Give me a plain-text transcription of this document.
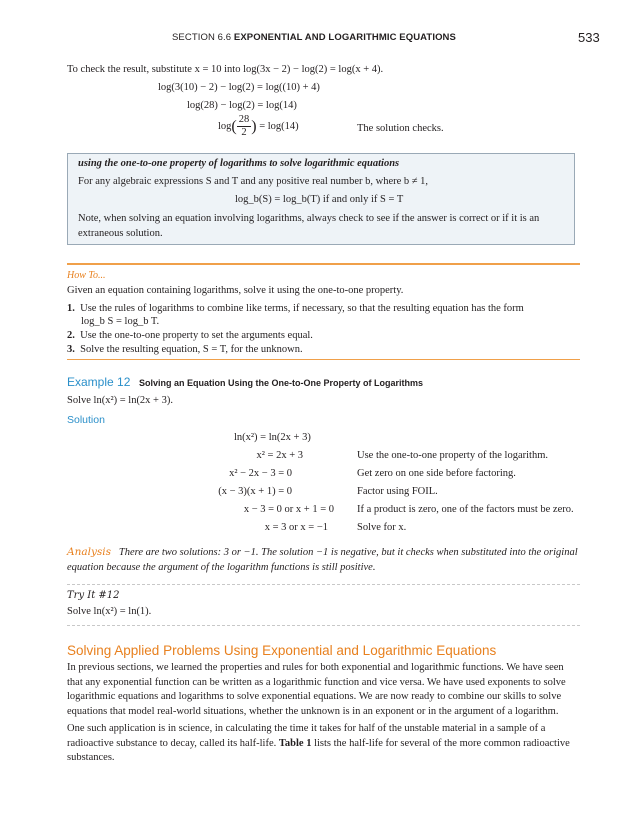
SECTION 6.6 EXPONENTIAL AND LOGARITHMIC EQUATIONS	533
To check the result, substitute x = 10 into log(3x − 2) − log(2) = log(x + 4).
log(3(10) − 2) − log(2) = log((10) + 4)
log(28) − log(2) = log(14)
$\log( \frac{28}{2}$ ) = log(14)	The solution checks.
using the one-to-one property of logarithms to solve logarithmic equations
For any algebraic expressions S and T and any positive real number b, where b ≠ 1,
log_b(S) = log_b(T) if and only if S = T
Note, when solving an equation involving logarithms, always check to see if the answer is correct or if it is an extraneous solution.
How To...
Given an equation containing logarithms, solve it using the one-to-one property.
1. Use the rules of logarithms to combine like terms, if necessary, so that the resulting equation has the form
log_b S = log_b T.
2. Use the one-to-one property to set the arguments equal.
3. Solve the resulting equation, S = T, for the unknown.
Example 12 Solving an Equation Using the One-to-One Property of Logarithms
Solve ln(x²) = ln(2x + 3).
Solution
ln(x²) = ln(2x + 3)
x² = 2x + 3	Use the one-to-one property of the logarithm.
x² − 2x − 3 = 0	Get zero on one side before factoring.
(x − 3)(x + 1) = 0	Factor using FOIL.
x − 3 = 0 or x + 1 = 0 If a product is zero, one of the factors must be zero.
x = 3 or x = −1	Solve for x.
Analysis There are two solutions: 3 or −1. The solution −1 is negative, but it checks when substituted into the original equation because the argument of the logarithm functions is still positive.
Try It #12
Solve ln(x²) = ln(1).
Solving Applied Problems Using Exponential and Logarithmic Equations
In previous sections, we learned the properties and rules for both exponential and logarithmic functions. We have seen that any exponential function can be written as a logarithmic function and vice versa. We have used exponents to solve logarithmic equations and logarithms to solve exponential equations. We are now ready to combine our skills to solve equations that model real-world situations, whether the unknown is in an exponent or in the argument of a logarithm.
One such application is in science, in calculating the time it takes for half of the unstable material in a sample of a radioactive substance to decay, called its half-life. Table 1 lists the half-life for several of the more common radioactive substances.
